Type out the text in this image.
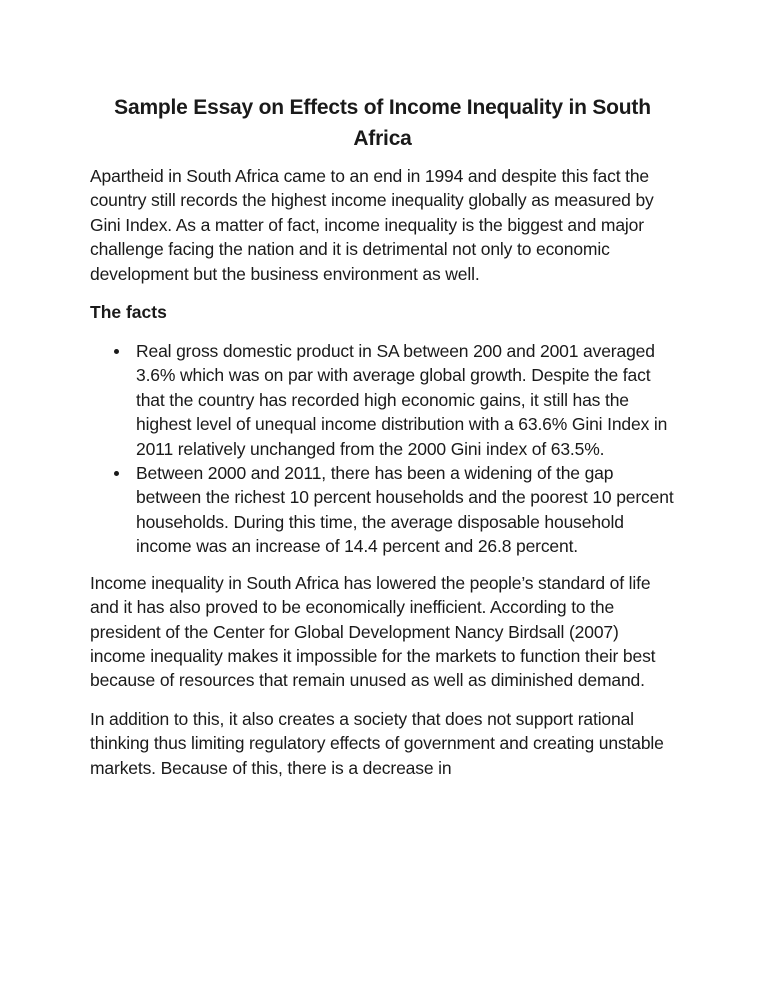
Sample Essay on Effects of Income Inequality in South Africa

Apartheid in South Africa came to an end in 1994 and despite this fact the country still records the highest income inequality globally as measured by Gini Index. As a matter of fact, income inequality is the biggest and major challenge facing the nation and it is detrimental not only to economic development but the business environment as well.

The facts
Real gross domestic product in SA between 200 and 2001 averaged 3.6% which was on par with average global growth. Despite the fact that the country has recorded high economic gains, it still has the highest level of unequal income distribution with a 63.6% Gini Index in 2011 relatively unchanged from the 2000 Gini index of 63.5%.
Between 2000 and 2011, there has been a widening of the gap between the richest 10 percent households and the poorest 10 percent households. During this time, the average disposable household income was an increase of 14.4 percent and 26.8 percent.

Income inequality in South Africa has lowered the people’s standard of life and it has also proved to be economically inefficient. According to the president of the Center for Global Development Nancy Birdsall (2007) income inequality makes it impossible for the markets to function their best because of resources that remain unused as well as diminished demand.

In addition to this, it also creates a society that does not support rational thinking thus limiting regulatory effects of government and creating unstable markets. Because of this, there is a decrease in
